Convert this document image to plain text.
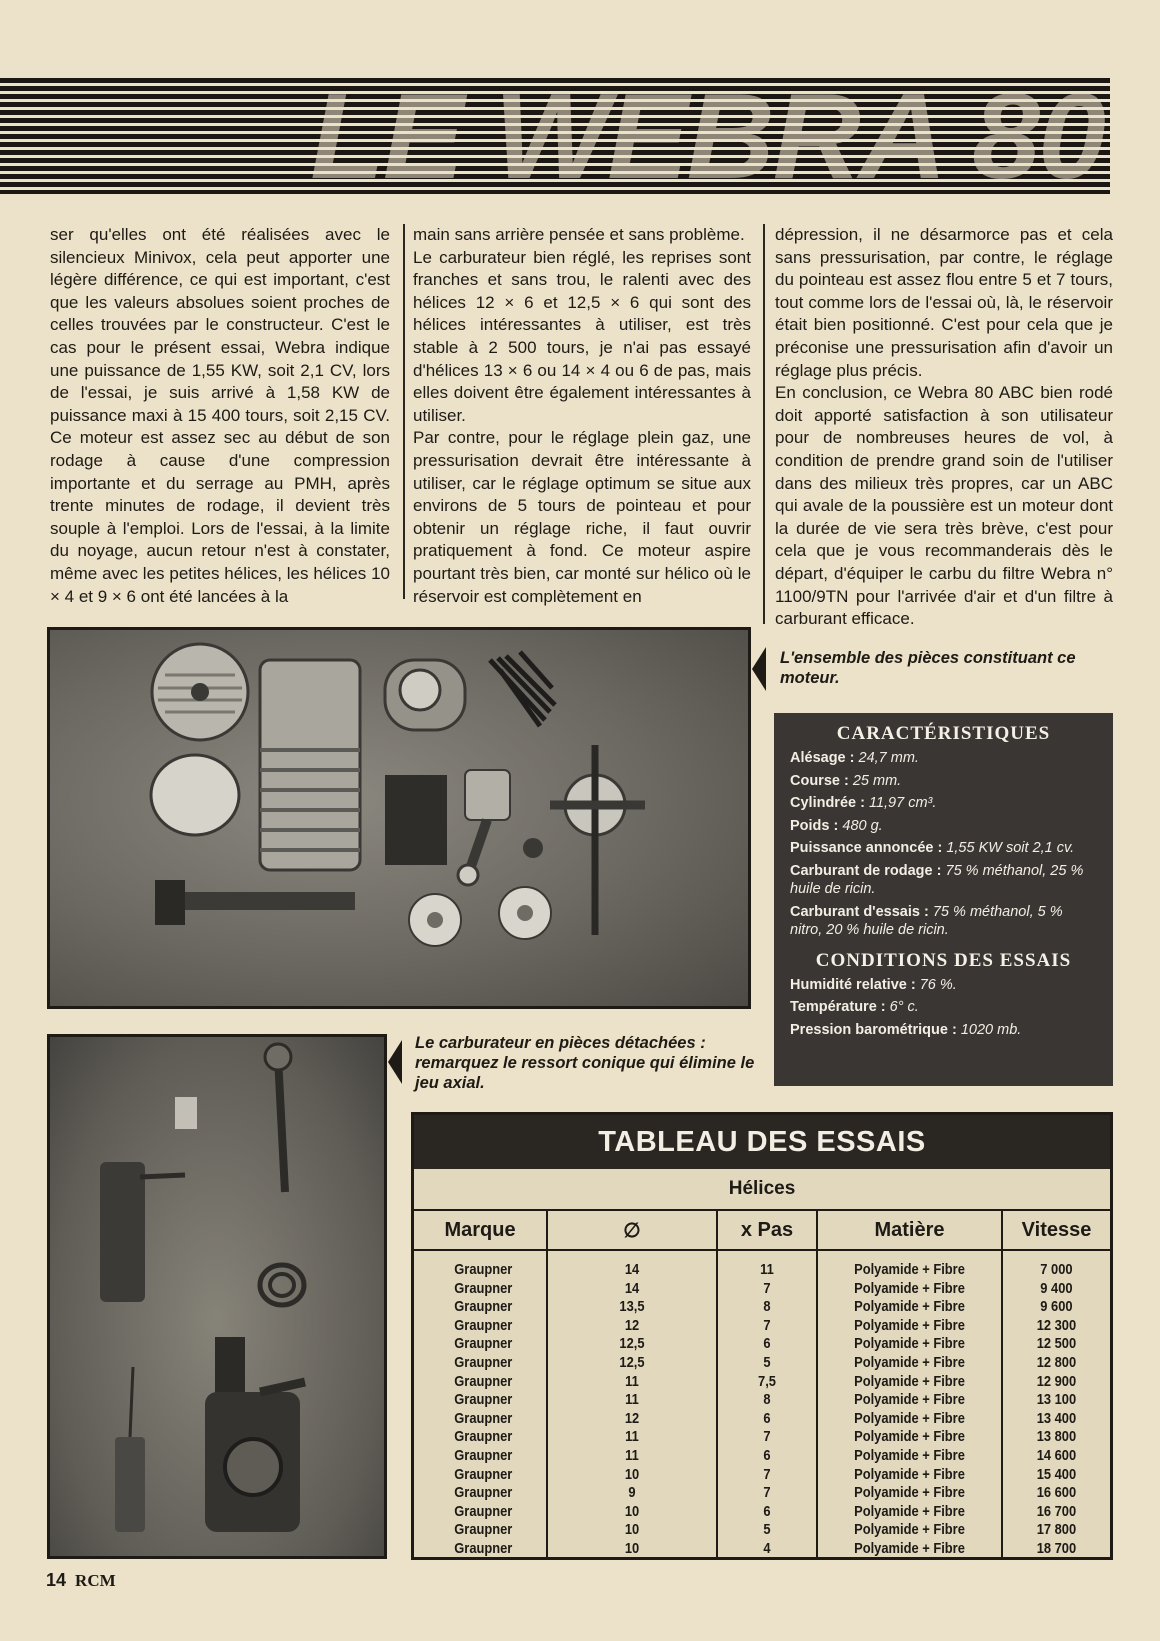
LE WEBRA 80

ser qu'elles ont été réalisées avec le silencieux Minivox, cela peut apporter une légère différence, ce qui est important, c'est que les valeurs absolues soient proches de celles trouvées par le constructeur. C'est le cas pour le présent essai, Webra indique une puissance de 1,55 KW, soit 2,1 CV, lors de l'essai, je suis arrivé à 1,58 KW de puissance maxi à 15 400 tours, soit 2,15 CV. Ce moteur est assez sec au début de son rodage à cause d'une compression importante et du serrage au PMH, après trente minutes de rodage, il devient très souple à l'emploi. Lors de l'essai, à la limite du noyage, aucun retour n'est à constater, même avec les petites hélices, les hélices 10 × 4 et 9 × 6 ont été lancées à la

main sans arrière pensée et sans problème.

Le carburateur bien réglé, les reprises sont franches et sans trou, le ralenti avec des hélices 12 × 6 et 12,5 × 6 qui sont des hélices intéressantes à utiliser, est très stable à 2 500 tours, je n'ai pas essayé d'hélices 13 × 6 ou 14 × 4 ou 6 de pas, mais elles doivent être également intéressantes à utiliser.

Par contre, pour le réglage plein gaz, une pressurisation devrait être intéressante à utiliser, car le réglage optimum se situe aux environs de 5 tours de pointeau et pour obtenir un réglage riche, il faut ouvrir pratiquement à fond. Ce moteur aspire pourtant très bien, car monté sur hélico où le réservoir est complètement en

dépression, il ne désarmorce pas et cela sans pressurisation, par contre, le réglage du pointeau est assez flou entre 5 et 7 tours, tout comme lors de l'essai où, là, le réservoir était bien positionné. C'est pour cela que je préconise une pressurisation afin d'avoir un réglage plus précis.

En conclusion, ce Webra 80 ABC bien rodé doit apporté satisfaction à son utilisateur pour de nombreuses heures de vol, à condition de prendre grand soin de l'utiliser dans des milieux très propres, car un ABC qui avale de la poussière est un moteur dont la durée de vie sera très brève, c'est pour cela que je vous recommanderais dès le départ, d'équiper le carbu du filtre Webra n° 1100/9TN pour l'arrivée d'air et d'un filtre à carburant efficace.

L'ensemble des pièces constituant ce moteur.
CARACTÉRISTIQUES
Alésage : 24,7 mm.
Course : 25 mm.
Cylindrée : 11,97 cm³.
Poids : 480 g.
Puissance annoncée : 1,55 KW soit 2,1 cv.
Carburant de rodage : 75 % méthanol, 25 % huile de ricin.
Carburant d'essais : 75 % méthanol, 5 % nitro, 20 % huile de ricin.
CONDITIONS DES ESSAIS
Humidité relative : 76 %.
Température : 6° c.
Pression barométrique : 1020 mb.
Le carburateur en pièces détachées : remarquez le ressort conique qui élimine le jeu axial.
TABLEAU DES ESSAIS
Hélices
Marque	∅	x Pas	Matière	Vitesse
Graupner	14	11	Polyamide + Fibre	7 000
Graupner	14	7	Polyamide + Fibre	9 400
Graupner	13,5	8	Polyamide + Fibre	9 600
Graupner	12	7	Polyamide + Fibre	12 300
Graupner	12,5	6	Polyamide + Fibre	12 500
Graupner	12,5	5	Polyamide + Fibre	12 800
Graupner	11	7,5	Polyamide + Fibre	12 900
Graupner	11	8	Polyamide + Fibre	13 100
Graupner	12	6	Polyamide + Fibre	13 400
Graupner	11	7	Polyamide + Fibre	13 800
Graupner	11	6	Polyamide + Fibre	14 600
Graupner	10	7	Polyamide + Fibre	15 400
Graupner	9	7	Polyamide + Fibre	16 600
Graupner	10	6	Polyamide + Fibre	16 700
Graupner	10	5	Polyamide + Fibre	17 800
Graupner	10	4	Polyamide + Fibre	18 700
14 RCM
